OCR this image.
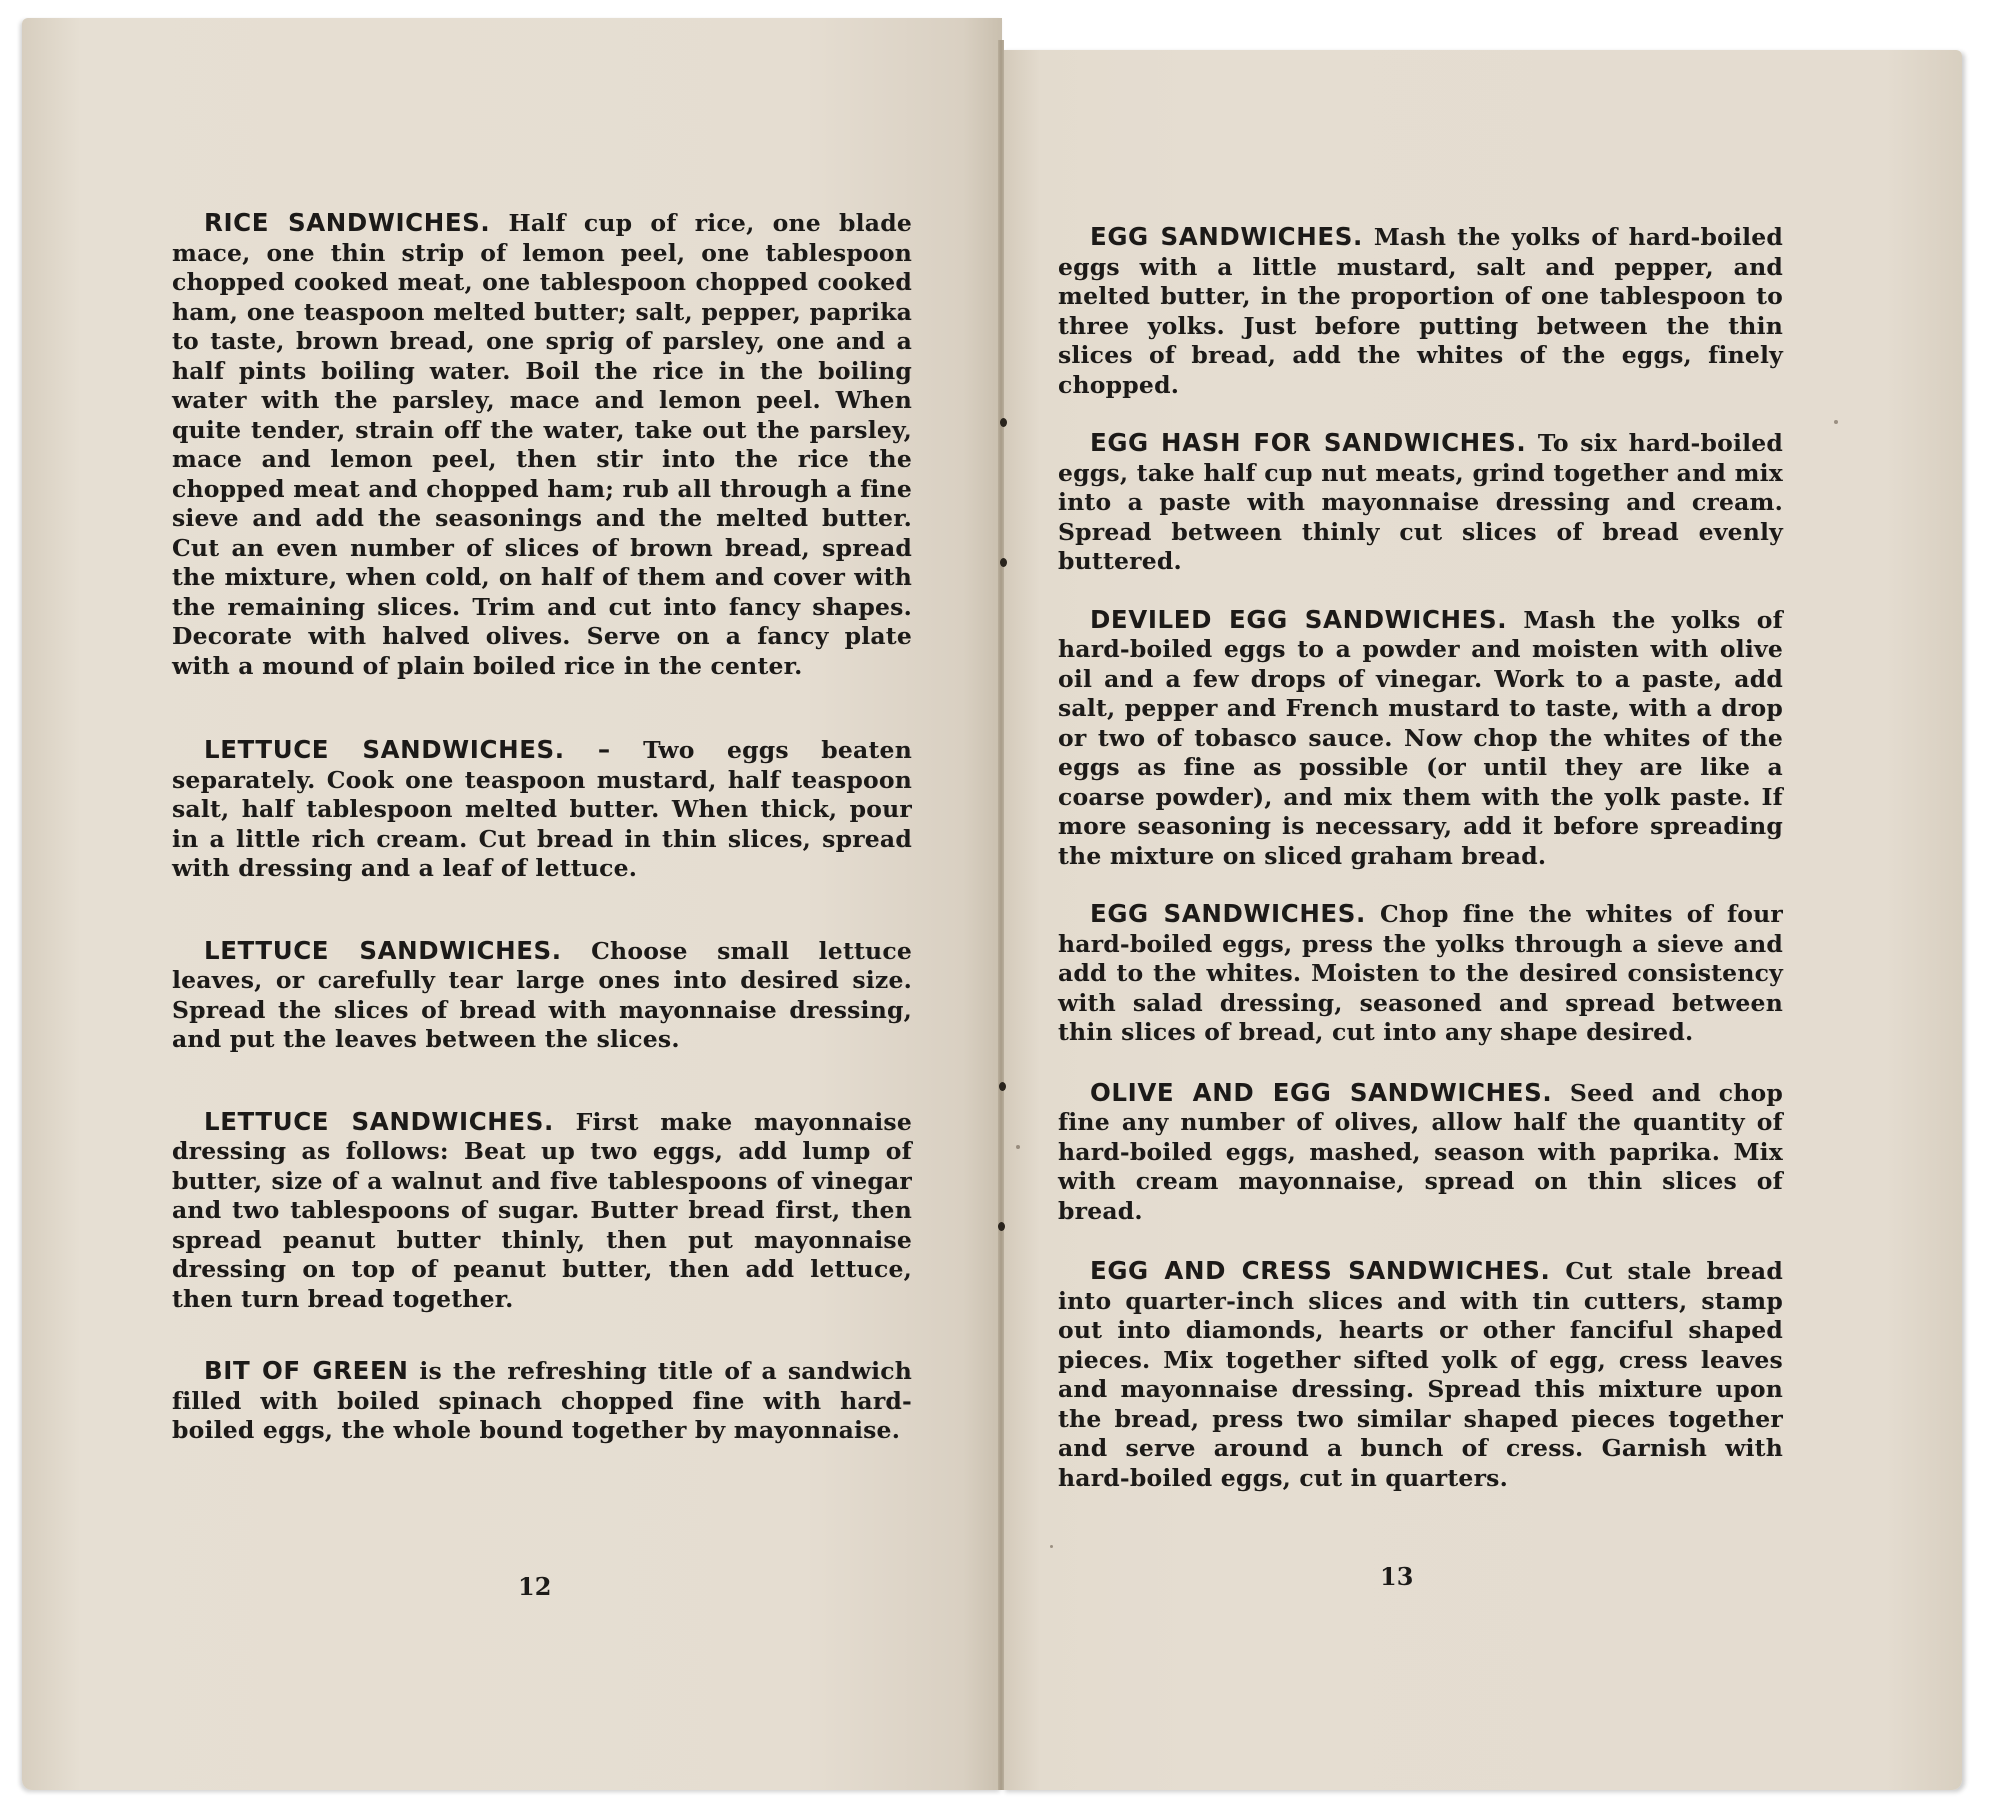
RICE SANDWICHES. Half cup of rice, one blade mace, one thin strip of lemon peel, one tablespoon chopped cooked meat, one tablespoon chopped cooked ham, one teaspoon melted butter; salt, pepper, paprika to taste, brown bread, one sprig of parsley, one and a half pints boiling water. Boil the rice in the boiling water with the parsley, mace and lemon peel. When quite tender, strain off the water, take out the parsley, mace and lemon peel, then stir into the rice the chopped meat and chopped ham; rub all through a fine sieve and add the seasonings and the melted butter. Cut an even number of slices of brown bread, spread the mixture, when cold, on half of them and cover with the remaining slices. Trim and cut into fancy shapes. Decorate with halved olives. Serve on a fancy plate with a mound of plain boiled rice in the center.

LETTUCE SANDWICHES. – Two eggs beaten separately. Cook one teaspoon mustard, half teaspoon salt, half tablespoon melted butter. When thick, pour in a little rich cream. Cut bread in thin slices, spread with dressing and a leaf of lettuce.

LETTUCE SANDWICHES. Choose small lettuce leaves, or carefully tear large ones into desired size. Spread the slices of bread with mayonnaise dressing, and put the leaves between the slices.

LETTUCE SANDWICHES. First make mayonnaise dressing as follows: Beat up two eggs, add lump of butter, size of a walnut and five tablespoons of vinegar and two tablespoons of sugar. Butter bread first, then spread peanut butter thinly, then put mayonnaise dressing on top of peanut butter, then add lettuce, then turn bread together.

BIT OF GREEN is the refreshing title of a sandwich filled with boiled spinach chopped fine with hard-boiled eggs, the whole bound together by mayonnaise.

12

EGG SANDWICHES. Mash the yolks of hard-boiled eggs with a little mustard, salt and pepper, and melted butter, in the proportion of one tablespoon to three yolks. Just before putting between the thin slices of bread, add the whites of the eggs, finely chopped.

EGG HASH FOR SANDWICHES. To six hard-boiled eggs, take half cup nut meats, grind together and mix into a paste with mayonnaise dressing and cream. Spread between thinly cut slices of bread evenly buttered.

DEVILED EGG SANDWICHES. Mash the yolks of hard-boiled eggs to a powder and moisten with olive oil and a few drops of vinegar. Work to a paste, add salt, pepper and French mustard to taste, with a drop or two of tobasco sauce. Now chop the whites of the eggs as fine as possible (or until they are like a coarse powder), and mix them with the yolk paste. If more seasoning is necessary, add it before spreading the mixture on sliced graham bread.

EGG SANDWICHES. Chop fine the whites of four hard-boiled eggs, press the yolks through a sieve and add to the whites. Moisten to the desired consistency with salad dressing, seasoned and spread between thin slices of bread, cut into any shape desired.

OLIVE AND EGG SANDWICHES. Seed and chop fine any number of olives, allow half the quantity of hard-boiled eggs, mashed, season with paprika. Mix with cream mayonnaise, spread on thin slices of bread.

EGG AND CRESS SANDWICHES. Cut stale bread into quarter-inch slices and with tin cutters, stamp out into diamonds, hearts or other fanciful shaped pieces. Mix together sifted yolk of egg, cress leaves and mayonnaise dressing. Spread this mixture upon the bread, press two similar shaped pieces together and serve around a bunch of cress. Garnish with hard-boiled eggs, cut in quarters.

13
